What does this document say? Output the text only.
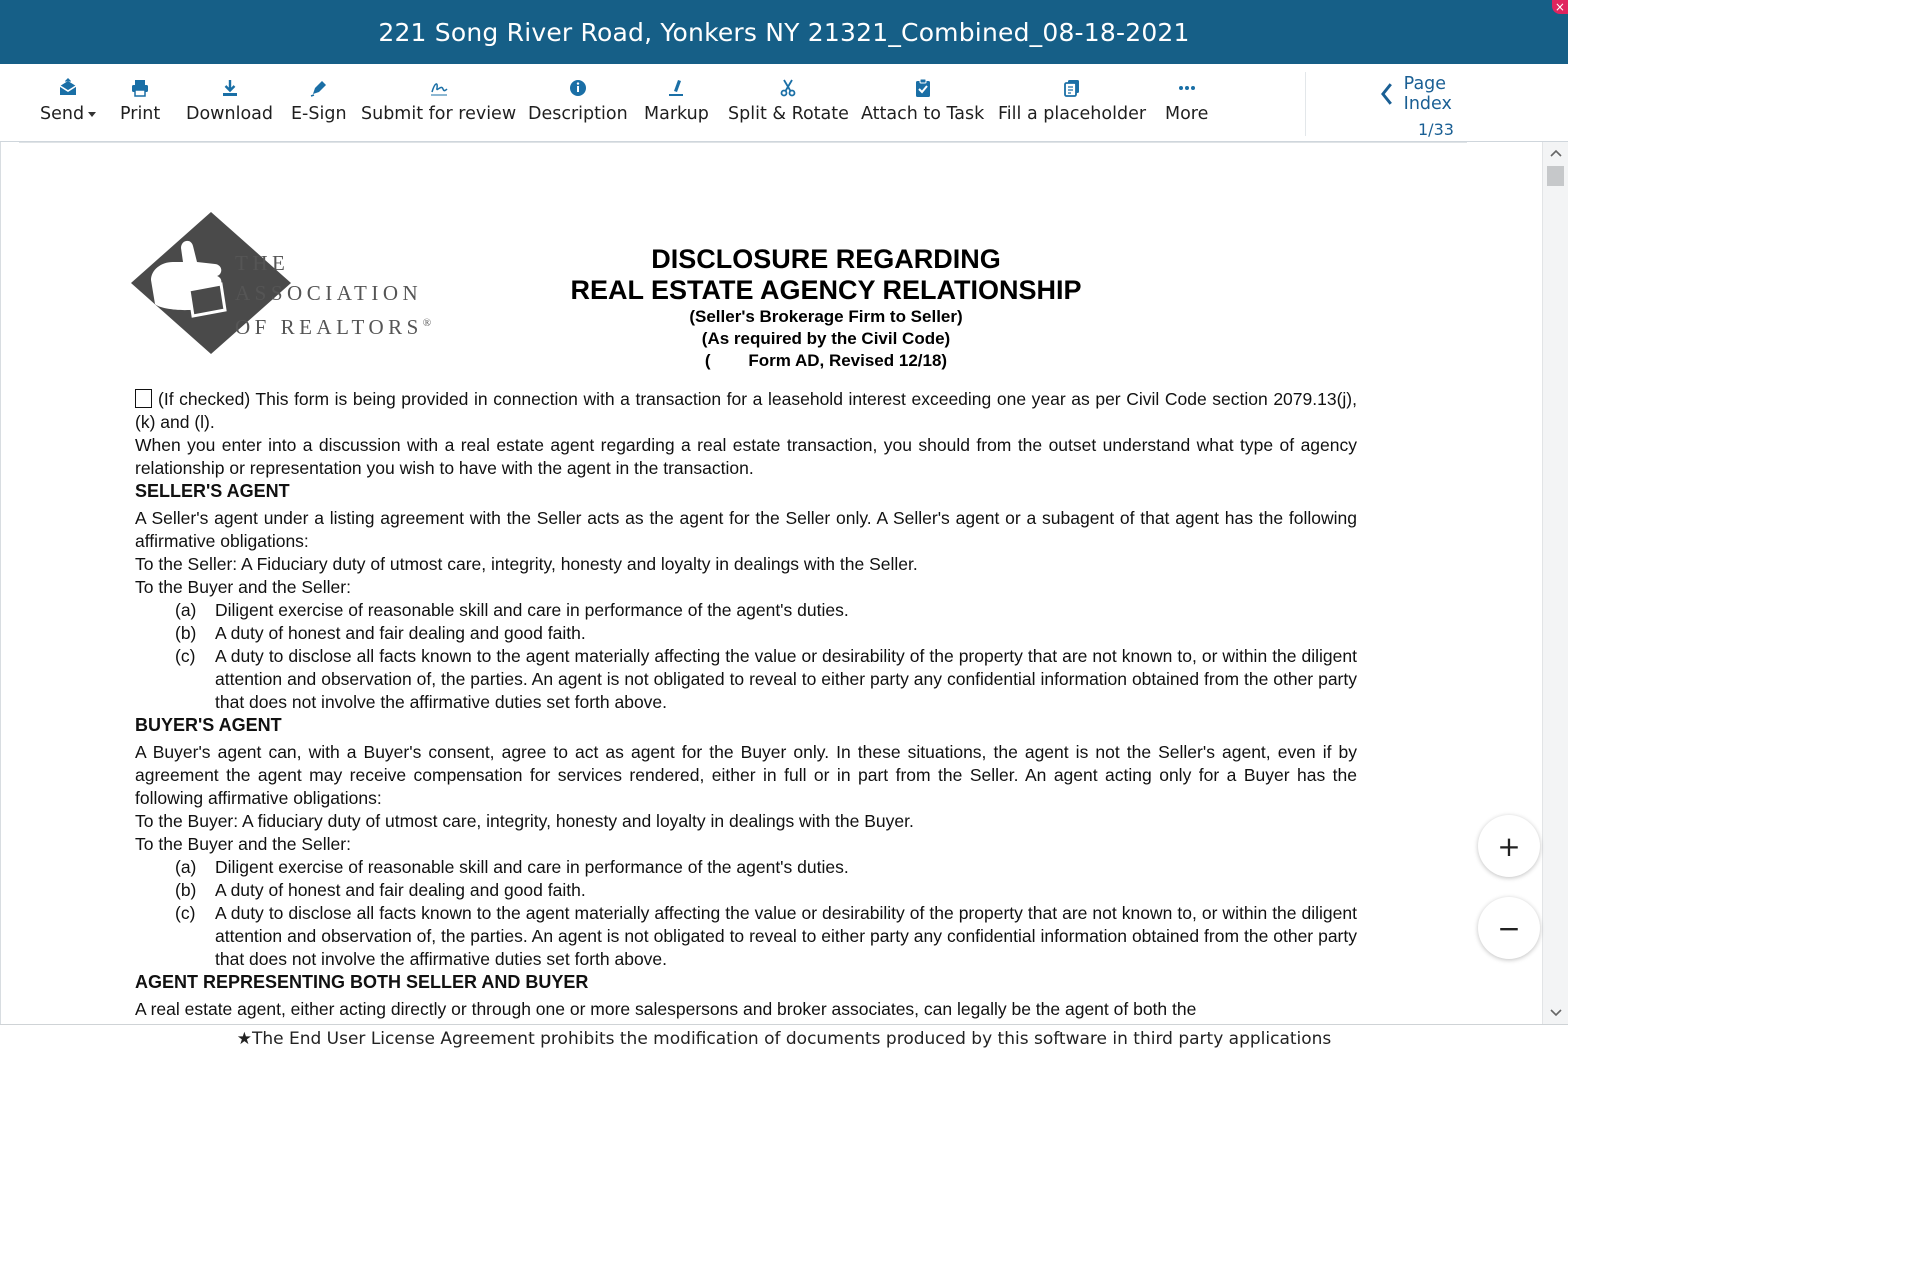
221 Song River Road, Yonkers NY 21321_Combined_08-18-2021
×
Send	Print Download E-Sign Submit for review Description Markup Split & Rotate Attach to Task Fill a placeholder More
Page Index
1/33
THE
ASSOCIATION
OF REALTORS®
DISCLOSURE REGARDING
REAL ESTATE AGENCY RELATIONSHIP
(Seller's Brokerage Firm to Seller)
(As required by the Civil Code)
(        Form AD, Revised 12/18)

(If checked) This form is being provided in connection with a transaction for a leasehold interest exceeding one year as per Civil Code section 2079.13(j), (k) and (l).

When you enter into a discussion with a real estate agent regarding a real estate transaction, you should from the outset understand what type of agency relationship or representation you wish to have with the agent in the transaction.

SELLER'S AGENT

A Seller's agent under a listing agreement with the Seller acts as the agent for the Seller only. A Seller's agent or a subagent of that agent has the following affirmative obligations:

To the Seller: A Fiduciary duty of utmost care, integrity, honesty and loyalty in dealings with the Seller.

To the Buyer and the Seller:

(a)	Diligent exercise of reasonable skill and care in performance of the agent's duties.
(b)	A duty of honest and fair dealing and good faith.
(c)	A duty to disclose all facts known to the agent materially affecting the value or desirability of the property that are not known to, or within the diligent attention and observation of, the parties. An agent is not obligated to reveal to either party any confidential information obtained from the other party that does not involve the affirmative duties set forth above.
BUYER'S AGENT

A Buyer's agent can, with a Buyer's consent, agree to act as agent for the Buyer only. In these situations, the agent is not the Seller's agent, even if by agreement the agent may receive compensation for services rendered, either in full or in part from the Seller. An agent acting only for a Buyer has the following affirmative obligations:

To the Buyer: A fiduciary duty of utmost care, integrity, honesty and loyalty in dealings with the Buyer.

To the Buyer and the Seller:

(a)	Diligent exercise of reasonable skill and care in performance of the agent's duties.
(b)	A duty of honest and fair dealing and good faith.
(c)	A duty to disclose all facts known to the agent materially affecting the value or desirability of the property that are not known to, or within the diligent attention and observation of, the parties. An agent is not obligated to reveal to either party any confidential information obtained from the other party that does not involve the affirmative duties set forth above.
AGENT REPRESENTING BOTH SELLER AND BUYER

A real estate agent, either acting directly or through one or more salespersons and broker associates, can legally be the agent of both the

+
−
★The End User License Agreement prohibits the modification of documents produced by this software in third party applications
